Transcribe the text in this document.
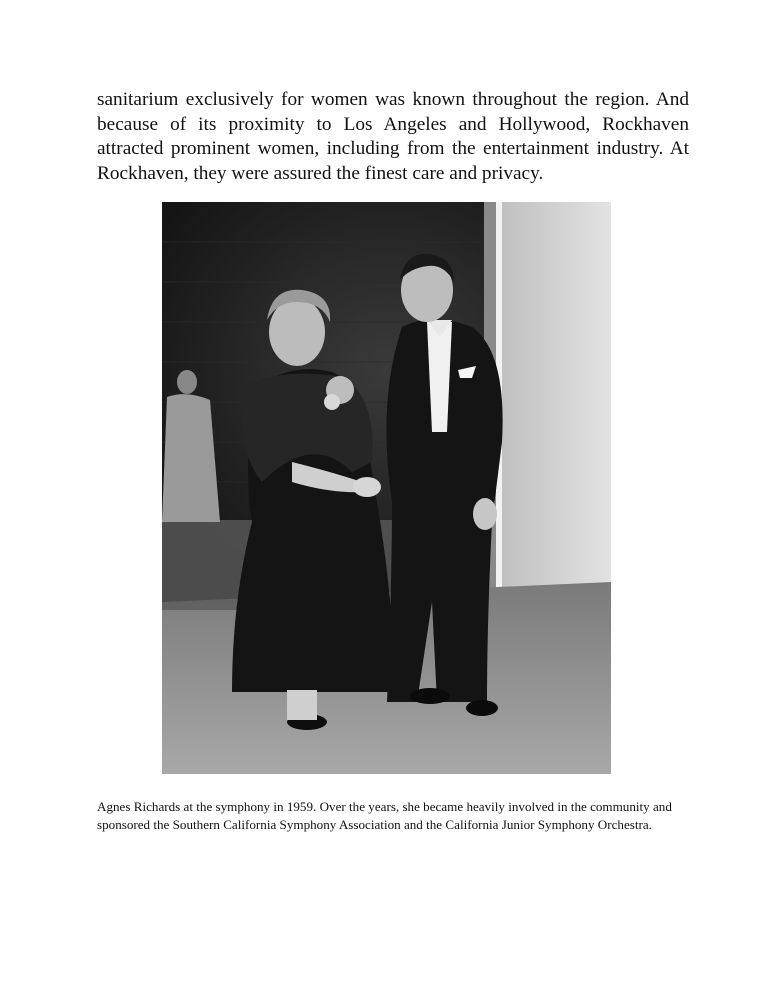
sanitarium exclusively for women was known throughout the region. And because of its proximity to Los Angeles and Hollywood, Rockhaven attracted prominent women, including from the entertainment industry. At Rockhaven, they were assured the finest care and privacy.

Agnes Richards at the symphony in 1959. Over the years, she became heavily involved in the community and sponsored the Southern California Symphony Association and the California Junior Symphony Orchestra.
